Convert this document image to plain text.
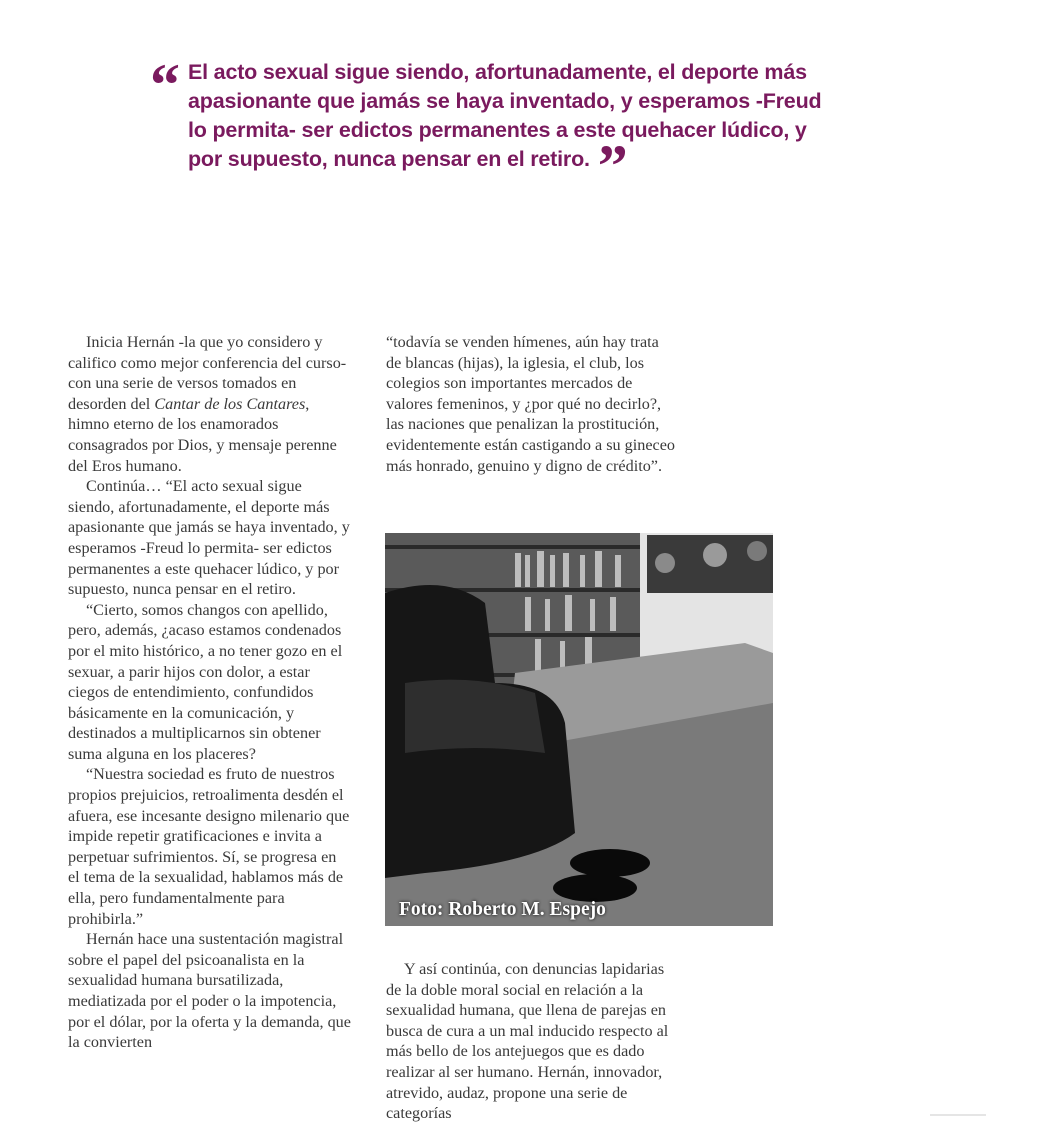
“ El acto sexual sigue siendo, afortunadamente, el deporte más apasionante que jamás se haya inventado, y esperamos -Freud lo permita- ser edictos permanentes a este quehacer lúdico, y por supuesto, nunca pensar en el retiro. ”

Inicia Hernán -la que yo considero y califico como mejor conferencia del curso- con una serie de versos tomados en desorden del Cantar de los Cantares, himno eterno de los enamorados consagrados por Dios, y mensaje perenne del Eros humano.

Continúa… “El acto sexual sigue siendo, afortunadamente, el deporte más apasionante que jamás se haya inventado, y esperamos -Freud lo permita- ser edictos permanentes a este quehacer lúdico, y por supuesto, nunca pensar en el retiro.

“Cierto, somos changos con apellido, pero, además, ¿acaso estamos condenados por el mito histórico, a no tener gozo en el sexuar, a parir hijos con dolor, a estar ciegos de entendimiento, confundidos básicamente en la comunicación, y destinados a multiplicarnos sin obtener suma alguna en los placeres?

“Nuestra sociedad es fruto de nuestros propios prejuicios, retroalimenta desdén el afuera, ese incesante designo milenario que impide repetir gratificaciones e invita a perpetuar sufrimientos. Sí, se progresa en el tema de la sexualidad, hablamos más de ella, pero fundamentalmente para prohibirla.”

Hernán hace una sustentación magistral sobre el papel del psicoanalista en la sexualidad humana bursatilizada, mediatizada por el poder o la impotencia, por el dólar, por la oferta y la demanda, que la convierten

“todavía se venden hímenes, aún hay trata de blancas (hijas), la iglesia, el club, los colegios son importantes mercados de valores femeninos, y ¿por qué no decirlo?, las naciones que penalizan la prostitución, evidentemente están castigando a su gineceo más honrado, genuino y digno de crédito”.

Foto: Roberto M. Espejo

Y así continúa, con denuncias lapidarias de la doble moral social en relación a la sexualidad humana, que llena de parejas en busca de cura a un mal inducido respecto al más bello de los antejuegos que es dado realizar al ser humano. Hernán, innovador, atrevido, audaz, propone una serie de categorías
